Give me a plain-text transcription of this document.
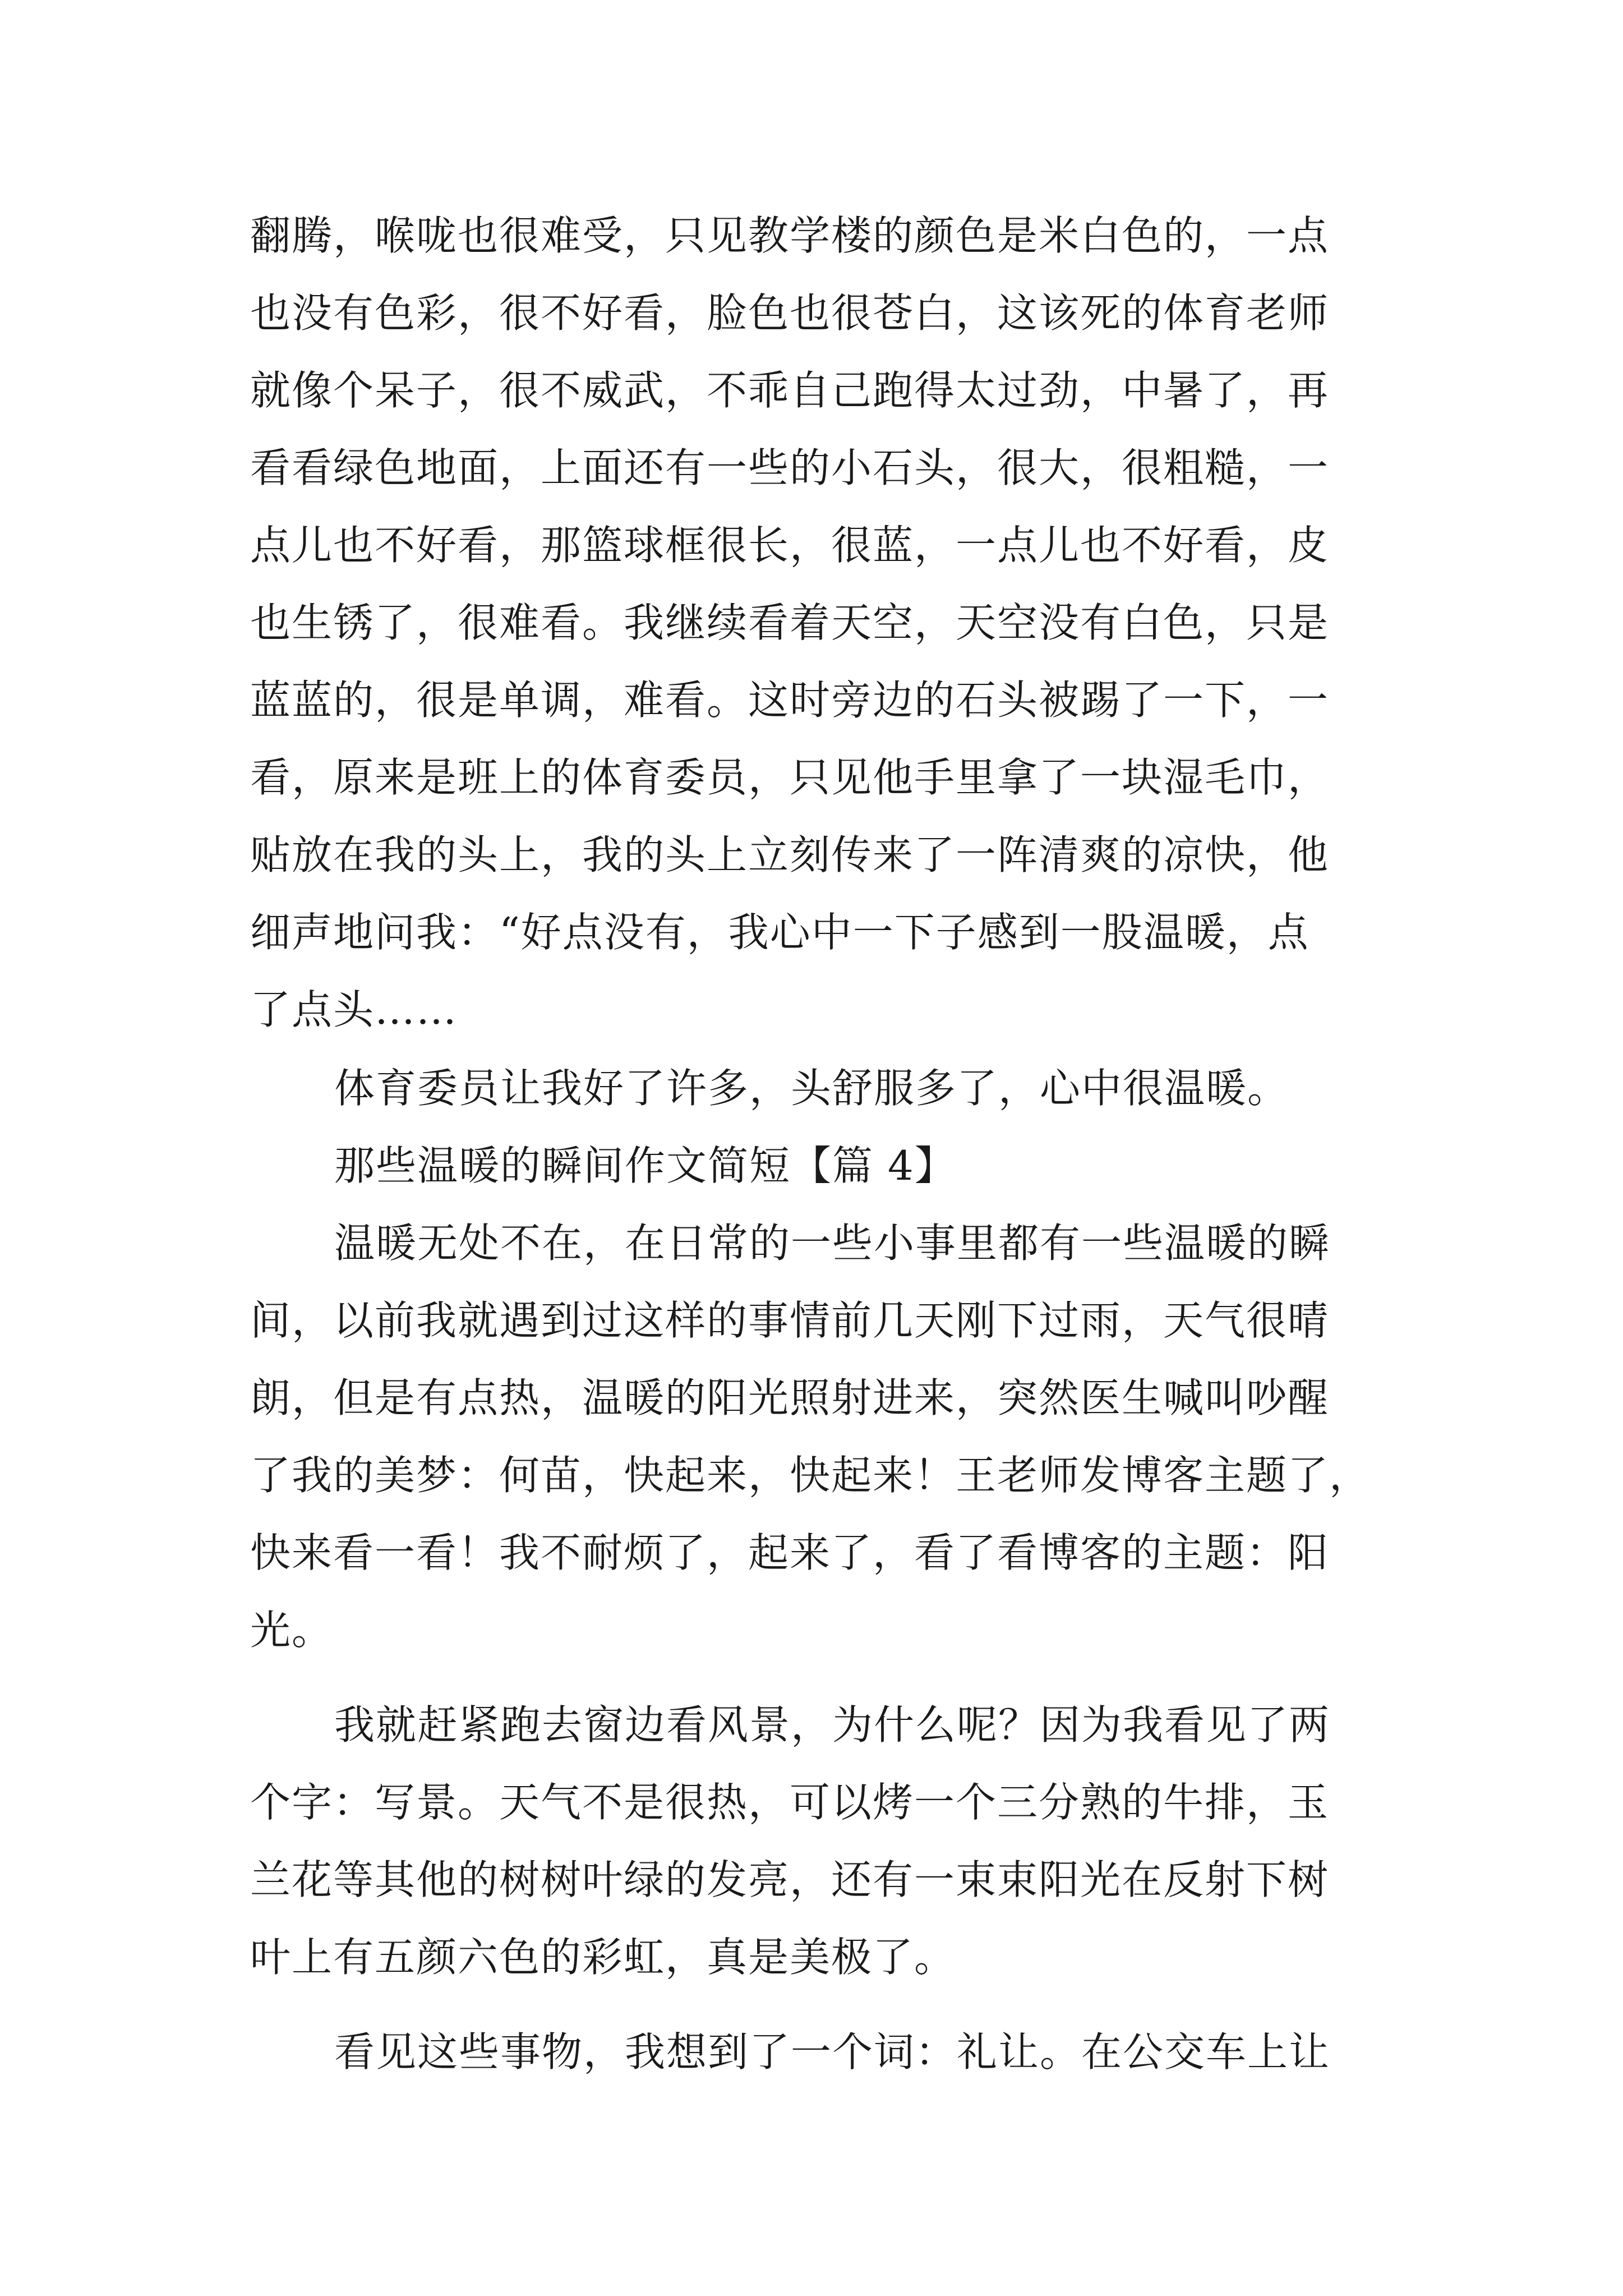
翻腾，喉咙也很难受，只见教学楼的颜色是米白色的，一点
也没有色彩，很不好看，脸色也很苍白，这该死的体育老师
就像个呆子，很不威武，不乖自己跑得太过劲，中暑了，再
看看绿色地面，上面还有一些的小石头，很大，很粗糙，一
点儿也不好看，那篮球框很长，很蓝，一点儿也不好看，皮
也生锈了，很难看。我继续看着天空，天空没有白色，只是
蓝蓝的，很是单调，难看。这时旁边的石头被踢了一下，一
看，原来是班上的体育委员，只见他手里拿了一块湿毛巾，
贴放在我的头上，我的头上立刻传来了一阵清爽的凉快，他
细声地问我：“好点没有，我心中一下子感到一股温暖，点
了点头……
体育委员让我好了许多，头舒服多了，心中很温暖。
那些温暖的瞬间作文简短【篇 4】
温暖无处不在，在日常的一些小事里都有一些温暖的瞬
间，以前我就遇到过这样的事情前几天刚下过雨，天气很晴
朗，但是有点热，温暖的阳光照射进来，突然医生喊叫吵醒
了我的美梦：何苗，快起来，快起来！王老师发博客主题了，
快来看一看！我不耐烦了，起来了，看了看博客的主题：阳
光。
我就赶紧跑去窗边看风景，为什么呢？因为我看见了两
个字：写景。天气不是很热，可以烤一个三分熟的牛排，玉
兰花等其他的树树叶绿的发亮，还有一束束阳光在反射下树
叶上有五颜六色的彩虹，真是美极了。
看见这些事物，我想到了一个词：礼让。在公交车上让
